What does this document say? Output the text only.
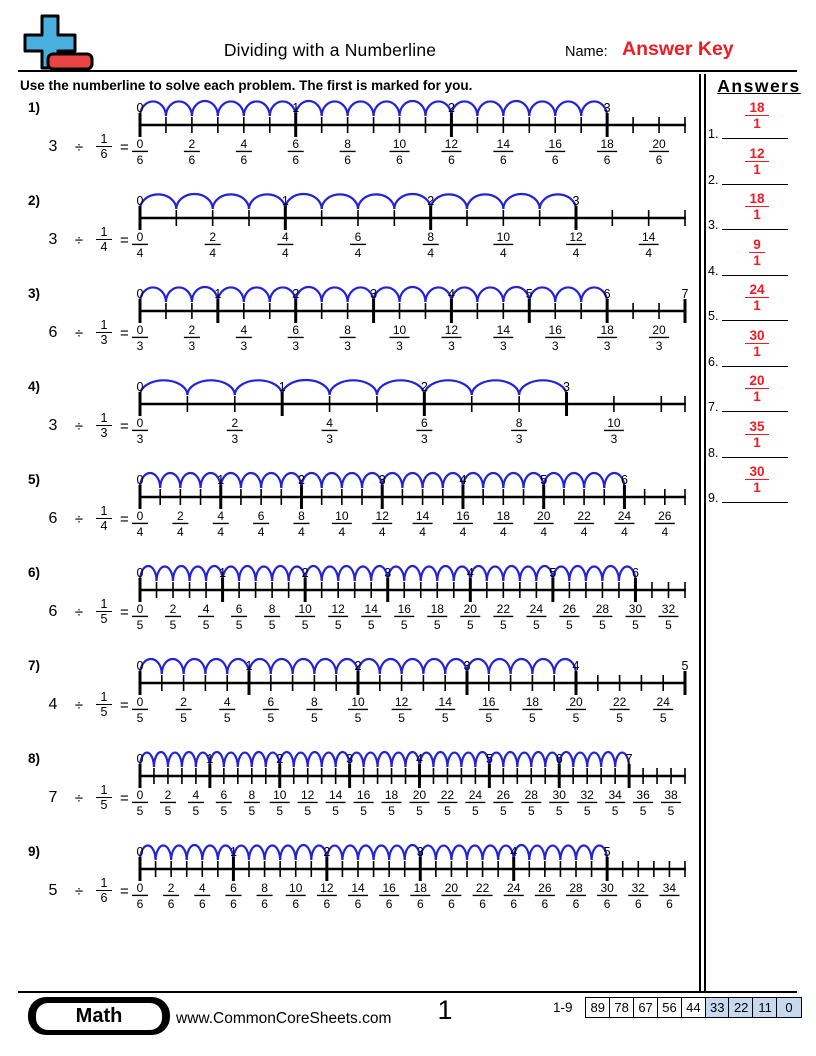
Dividing with a Numberline	Name: Answer Key
Use the numberline to solve each problem. The first is marked for you.	Answers
1.
$\frac{18}{1}$
2.
$\frac{12}{1}$
3.
$\frac{18}{1}$
4.
$\frac{9}{1}$
5.
$\frac{24}{1}$
6.
$\frac{30}{1}$
7.
$\frac{20}{1}$
8.
$\frac{35}{1}$
9.
$\frac{30}{1}$
1)
3	÷ $\frac{1}{6}$ =
0	1	2	3
0
6
2
6
4
6
6
6
8
6
10
6
12
6
14
6
16
6
18
6
20
6
2)
3	÷ $\frac{1}{4}$ =
0	1	2	3
0
4
2
4
4
4
6
4
8
4
10
4
12
4
14
4
3)
6	÷ $\frac{1}{3}$ =
0	1	2	3	4	5	6	7
0
3
2
3
4
3
6
3
8
3
10
3
12
3
14
3
16
3
18
3
20
3
4)
3	÷ $\frac{1}{3}$ =
0	1	2	3
0
3
2
3
4
3
6
3
8
3
10
3
5)
6	÷ $\frac{1}{4}$ =
0	1	2	3	4	5	6
0
4
2
4
4
4
6
4
8
4
10
4
12
4
14
4
16
4
18
4
20
4
22
4
24
4
26
4
6)
6	÷ $\frac{1}{5}$ =
0	1	2	3	4	5	6
0
5
2
5
4
5
6
5
8
5
10
5
12
5
14
5
16
5
18
5
20
5
22
5
24
5
26
5
28
5
30
5
32
5
7)
4	÷ $\frac{1}{5}$ =
0	1	2	3	4	5
0
5
2
5
4
5
6
5
8
5
10
5
12
5
14
5
16
5
18
5
20
5
22
5
24
5
8)
7	÷ $\frac{1}{5}$ =
0	1	2	3	4	5	6	7
0
5
2
5
4
5
6
5
8
5
10
5
12
5
14
5
16
5
18
5
20
5
22
5
24
5
26
5
28
5
30
5
32
5
34
5
36
5
38
5
9)
5	÷ $\frac{1}{6}$ =
0	1	2	3	4	5
0
6
2
6
4
6
6
6
8
6
10
6
12
6
14
6
16
6
18
6
20
6
22
6
24
6
26
6
28
6
30
6
32
6
34
6
Math	www.CommonCoreSheets.com	1	1-9	89 78 67 56 44 33 22 11	0
